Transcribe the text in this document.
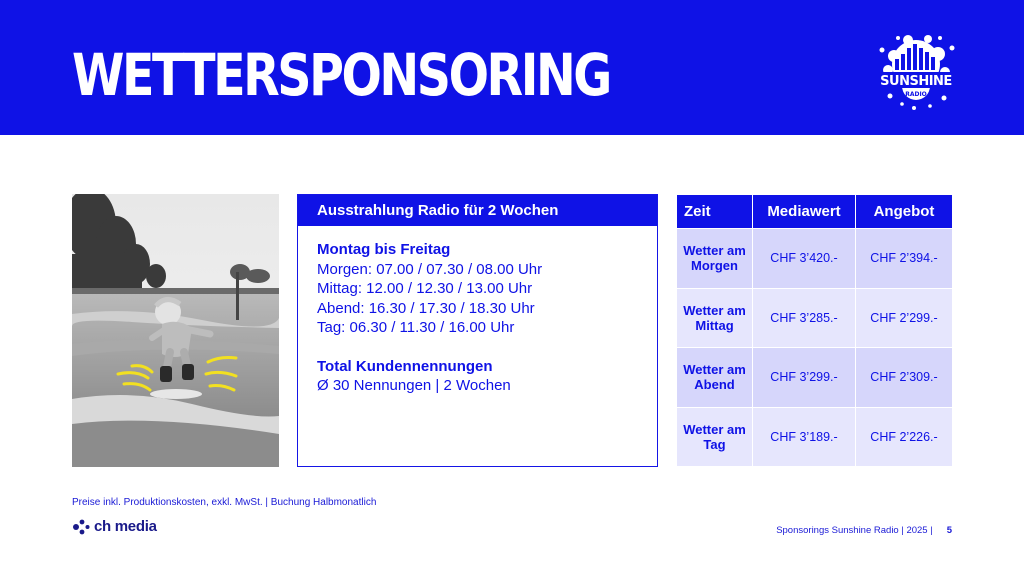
WETTERSPONSORING	SUNSHINE
RADIO
Ausstrahlung Radio für 2 Wochen
Montag bis Freitag
Morgen: 07.00 / 07.30 / 08.00 Uhr
Mittag: 12.00 / 12.30 / 13.00 Uhr
Abend: 16.30 / 17.30 / 18.30 Uhr
Tag: 06.30 / 11.30 / 16.00 Uhr
Total Kundennennungen
Ø 30 Nennungen | 2 Wochen
Zeit	Mediawert	Angebot
Wetter am Morgen	CHF 3’420.-	CHF 2’394.-
Wetter am Mittag	CHF 3’285.-	CHF 2’299.-
Wetter am Abend	CHF 3’299.-	CHF 2’309.-
Wetter am Tag	CHF 3’189.-	CHF 2’226.-
Preise inkl. Produktionskosten, exkl. MwSt. | Buchung Halbmonatlich
ch media	Sponsorings Sunshine Radio | 2025 | 5
